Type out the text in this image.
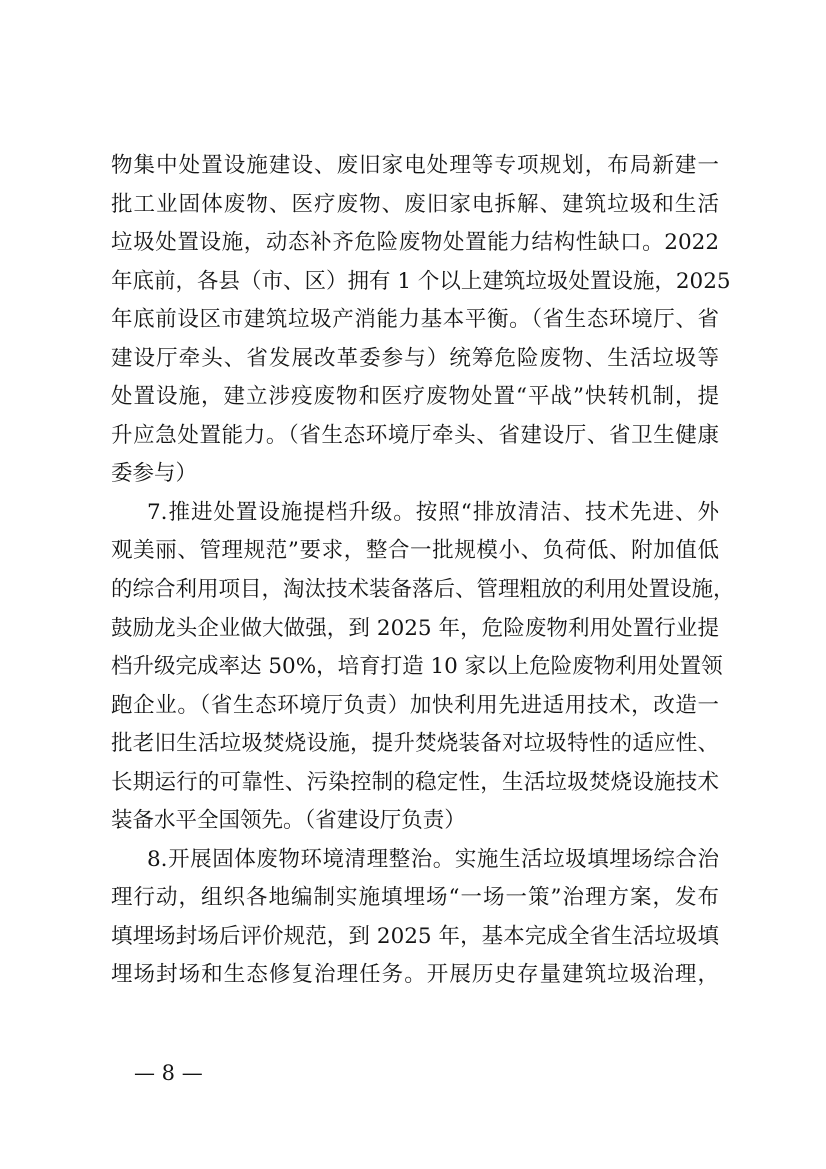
物集中处置设施建设、废旧家电处理等专项规划，布局新建一
批工业固体废物、医疗废物、废旧家电拆解、建筑垃圾和生活
垃圾处置设施，动态补齐危险废物处置能力结构性缺口。2022
年底前，各县（市、区）拥有 1 个以上建筑垃圾处置设施，2025
年底前设区市建筑垃圾产消能力基本平衡。（省生态环境厅、省
建设厅牵头、省发展改革委参与）统筹危险废物、生活垃圾等
处置设施，建立涉疫废物和医疗废物处置“平战”快转机制，提
升应急处置能力。（省生态环境厅牵头、省建设厅、省卫生健康
委参与）
7.推进处置设施提档升级。按照“排放清洁、技术先进、外
观美丽、管理规范”要求，整合一批规模小、负荷低、附加值低
的综合利用项目，淘汰技术装备落后、管理粗放的利用处置设施，
鼓励龙头企业做大做强，到 2025 年，危险废物利用处置行业提
档升级完成率达 50%，培育打造 10 家以上危险废物利用处置领
跑企业。（省生态环境厅负责）加快利用先进适用技术，改造一
批老旧生活垃圾焚烧设施，提升焚烧装备对垃圾特性的适应性、
长期运行的可靠性、污染控制的稳定性，生活垃圾焚烧设施技术
装备水平全国领先。（省建设厅负责）
8.开展固体废物环境清理整治。实施生活垃圾填埋场综合治
理行动，组织各地编制实施填埋场“一场一策”治理方案，发布
填埋场封场后评价规范，到 2025 年，基本完成全省生活垃圾填
埋场封场和生态修复治理任务。开展历史存量建筑垃圾治理，
— 8 —
